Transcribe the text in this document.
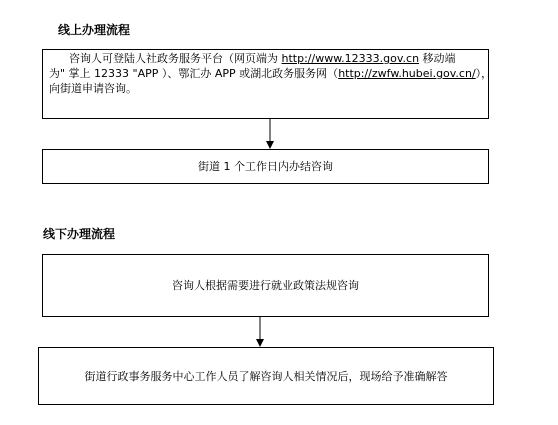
线上办理流程
咨询人可登陆人社政务服务平台（网页端为 http://www.12333.gov.cn 移动端
为" 掌上 12333 "APP ）、鄂汇办 APP 或湖北政务服务网（http://zwfw.hubei.gov.cn/），
向街道申请咨询。
街道 1 个工作日内办结咨询
线下办理流程
咨询人根据需要进行就业政策法规咨询
街道行政事务服务中心工作人员了解咨询人相关情况后，现场给予准确解答
